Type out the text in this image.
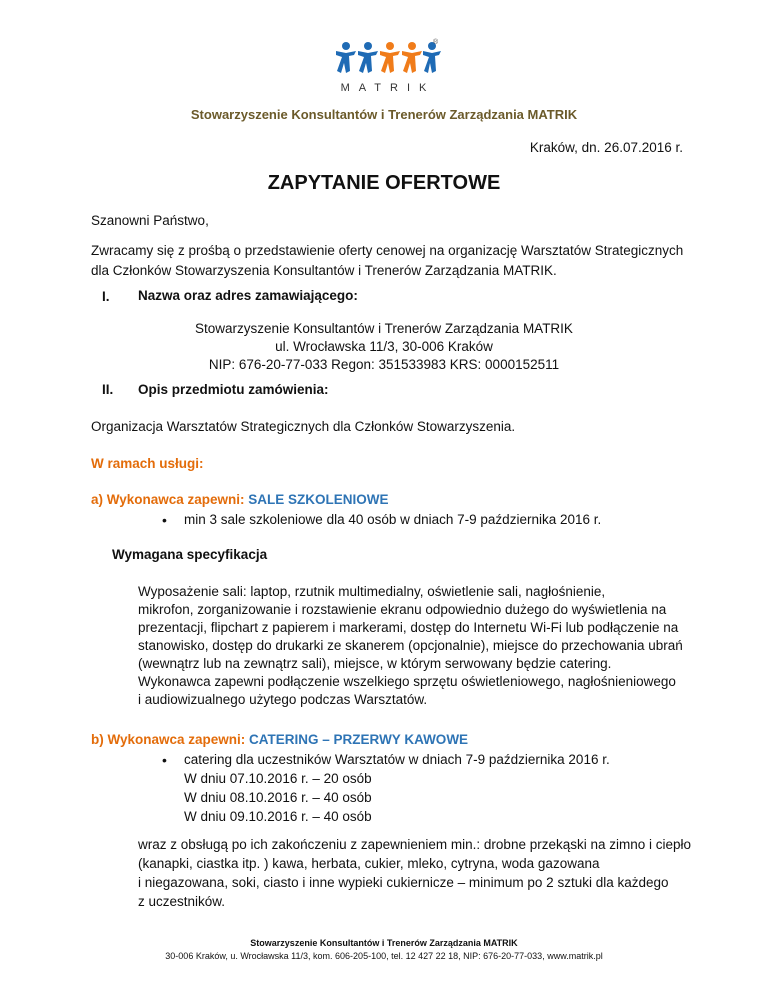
®
MATRIK
Stowarzyszenie Konsultantów i Trenerów Zarządzania MATRIK
Kraków, dn. 26.07.2016 r.
ZAPYTANIE OFERTOWE
Szanowni Państwo,
Zwracamy się z prośbą o przedstawienie oferty cenowej na organizację Warsztatów Strategicznych
dla Członków Stowarzyszenia Konsultantów i Trenerów Zarządzania MATRIK.
I. Nazwa oraz adres zamawiającego:
Stowarzyszenie Konsultantów i Trenerów Zarządzania MATRIK
ul. Wrocławska 11/3, 30-006 Kraków
NIP: 676-20-77-033 Regon: 351533983 KRS: 0000152511
II. Opis przedmiotu zamówienia:
Organizacja Warsztatów Strategicznych dla Członków Stowarzyszenia.
W ramach usługi:
a) Wykonawca zapewni: SALE SZKOLENIOWE
• min 3 sale szkoleniowe dla 40 osób w dniach 7-9 października 2016 r.
Wymagana specyfikacja
Wyposażenie sali: laptop, rzutnik multimedialny, oświetlenie sali, nagłośnienie,
mikrofon, zorganizowanie i rozstawienie ekranu odpowiednio dużego do wyświetlenia na
prezentacji, flipchart z papierem i markerami, dostęp do Internetu Wi-Fi lub podłączenie na
stanowisko, dostęp do drukarki ze skanerem (opcjonalnie), miejsce do przechowania ubrań
(wewnątrz lub na zewnątrz sali), miejsce, w którym serwowany będzie catering.
Wykonawca zapewni podłączenie wszelkiego sprzętu oświetleniowego, nagłośnieniowego
i audiowizualnego użytego podczas Warsztatów.
b) Wykonawca zapewni: CATERING – PRZERWY KAWOWE
• catering dla uczestników Warsztatów w dniach 7-9 października 2016 r.
W dniu 07.10.2016 r. – 20 osób
W dniu 08.10.2016 r. – 40 osób
W dniu 09.10.2016 r. – 40 osób
wraz z obsługą po ich zakończeniu z zapewnieniem min.: drobne przekąski na zimno i ciepło
(kanapki, ciastka itp. ) kawa, herbata, cukier, mleko, cytryna, woda gazowana
i niegazowana, soki, ciasto i inne wypieki cukiernicze – minimum po 2 sztuki dla każdego
z uczestników.
Stowarzyszenie Konsultantów i Trenerów Zarządzania MATRIK
30-006 Kraków, u. Wrocławska 11/3, kom. 606-205-100, tel. 12 427 22 18, NIP: 676-20-77-033, www.matrik.pl
